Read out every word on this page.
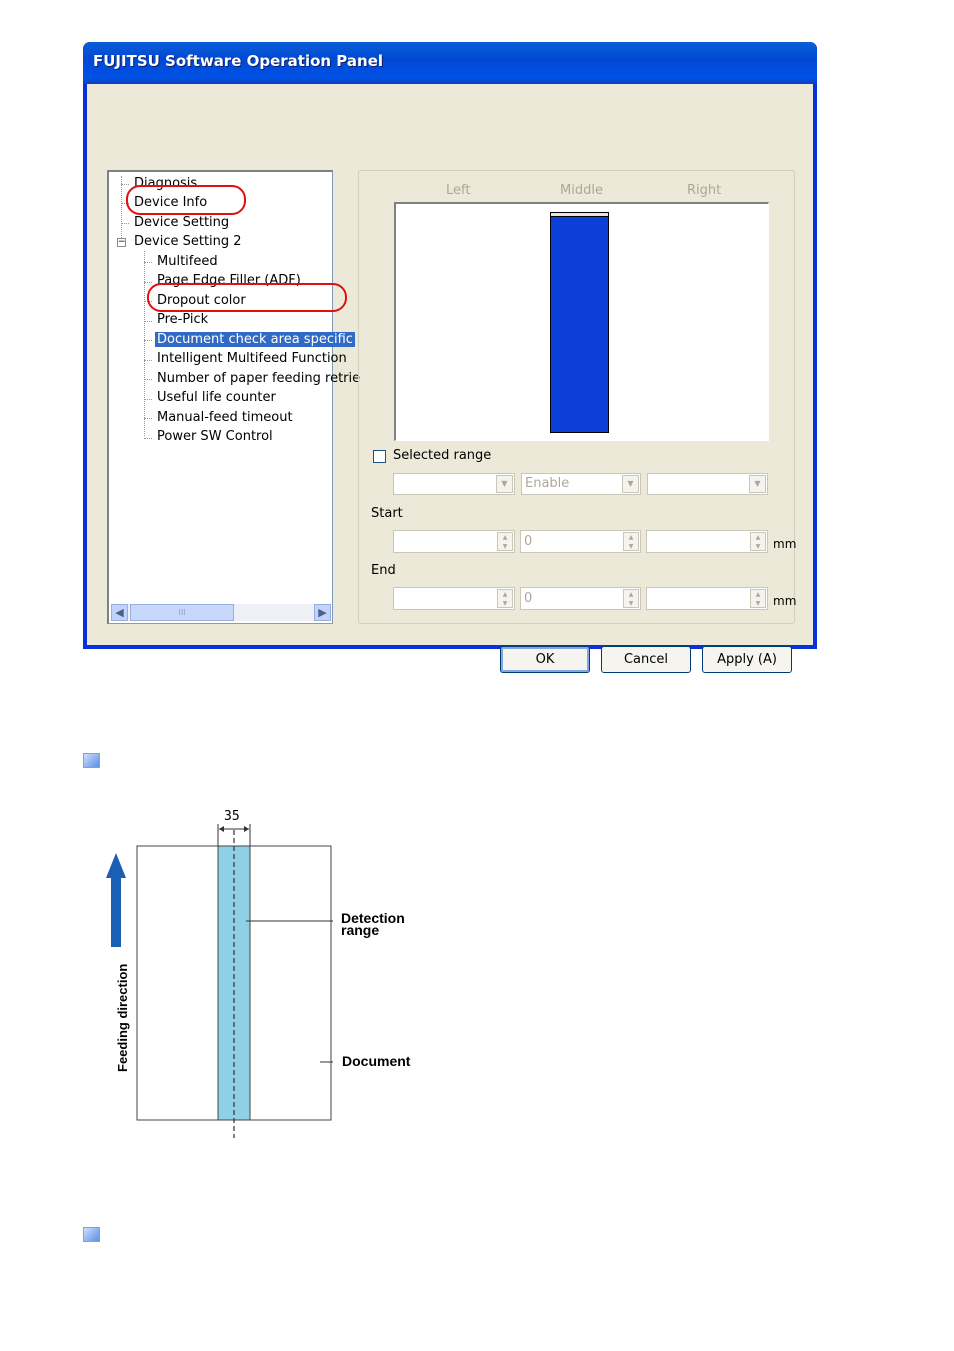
FUJITSU Software Operation Panel
Diagnosis
Device Info
Device Setting
− Device Setting 2
Multifeed
Page Edge Filler (ADF)
Dropout color
Pre-Pick
Document check area specific
Intelligent Multifeed Function
Number of paper feeding retrie
Useful life counter
Manual-feed timeout
Power SW Control
◀	III	▶
Left	Middle	Right
Selected range
▼	Enable	▼	▼
Start
▲
▼	0	▲
▼
▲
▼	mm
End
▲
▼	0	▲
▼
▲
▼	mm
OK	Cancel	Apply (A)
35
Detection
range
Document
Feeding direction
